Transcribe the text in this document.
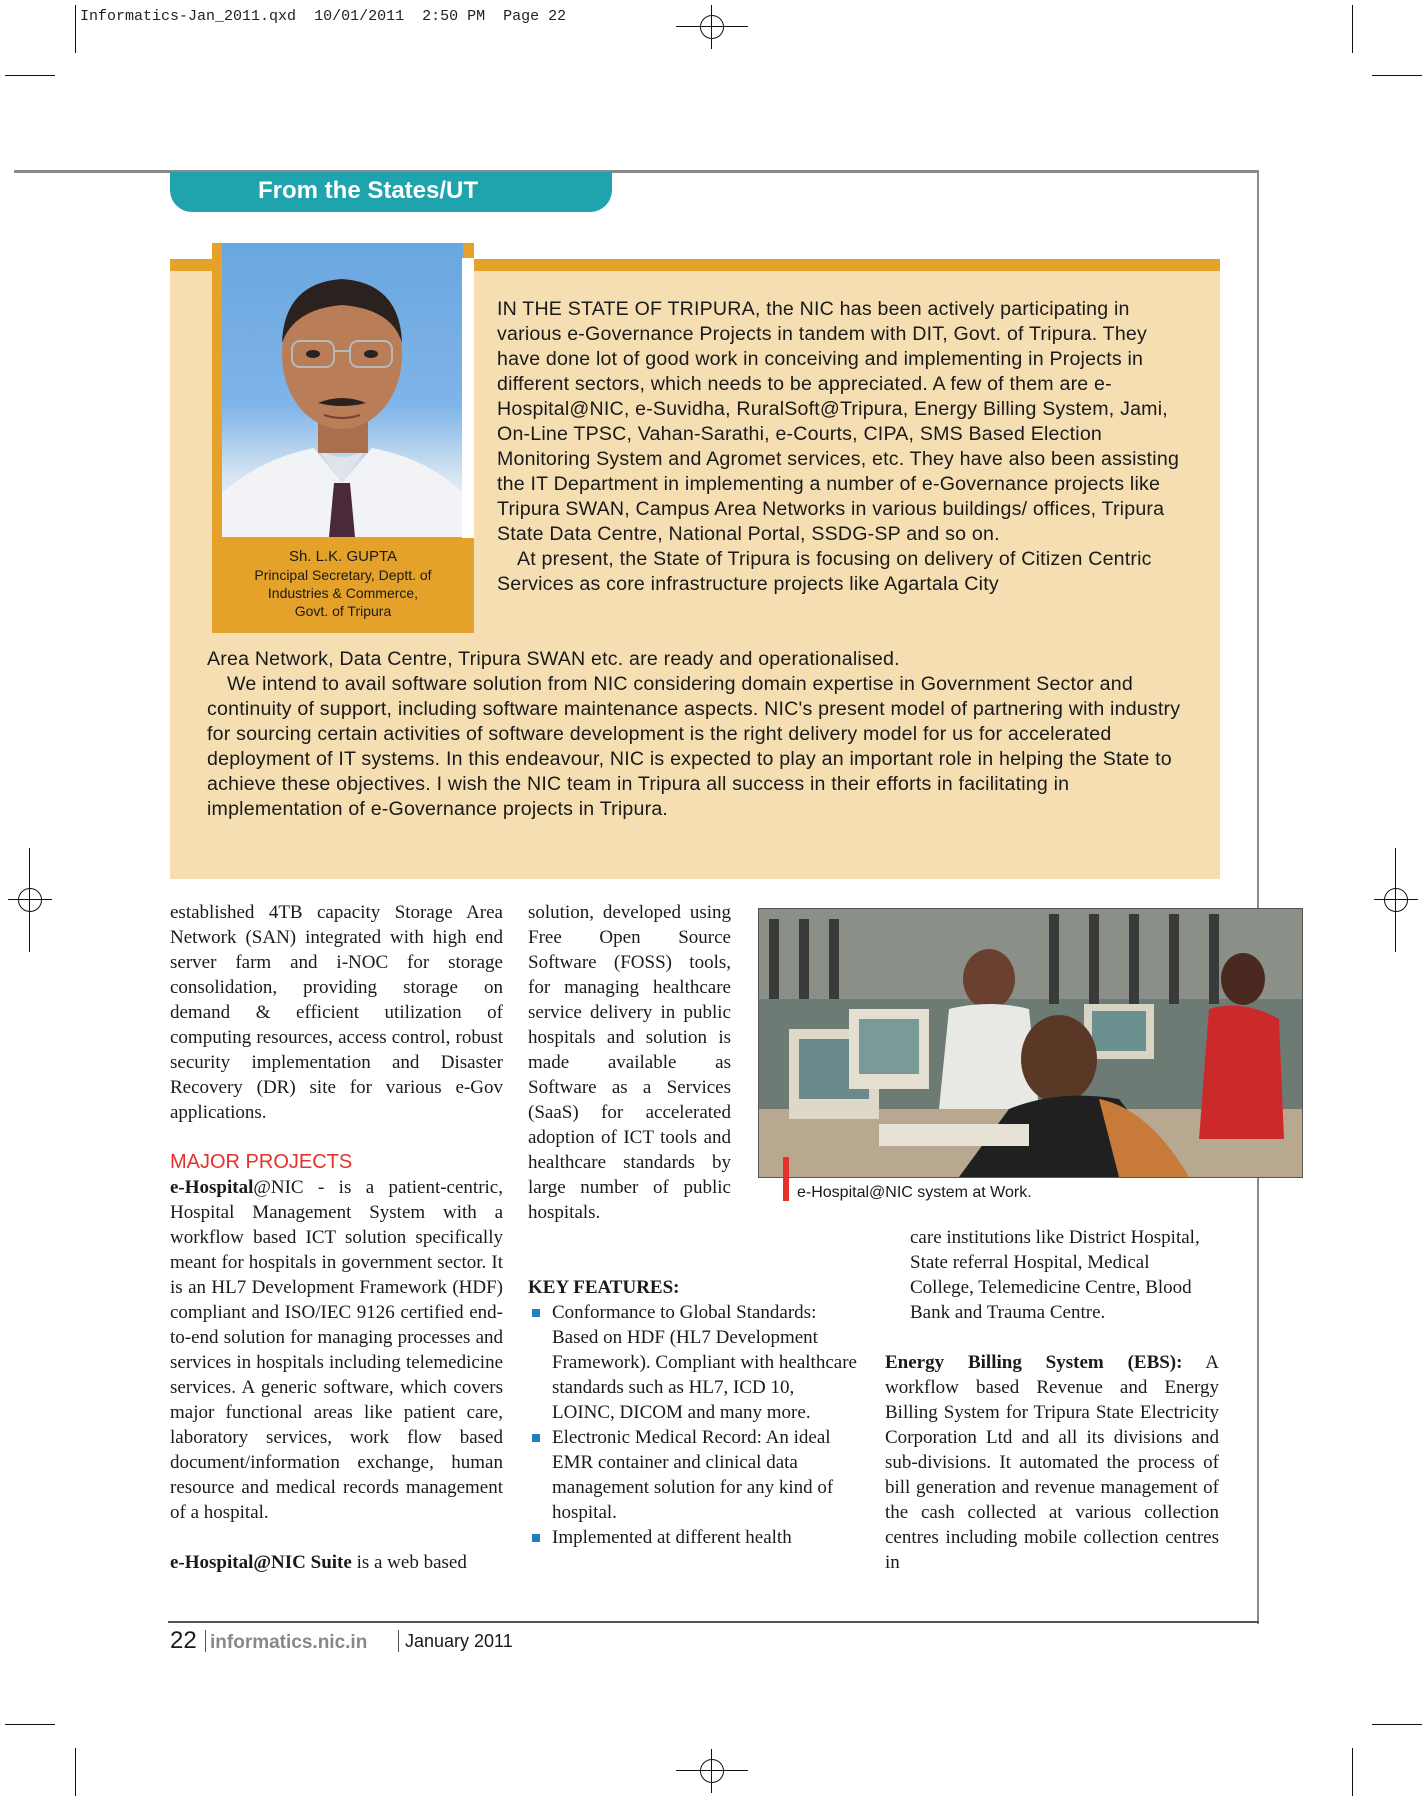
Informatics-Jan_2011.qxd 10/01/2011 2:50 PM Page 22
From the States/UT
Sh. L.K. GUPTA
Principal Secretary, Deptt. of
Industries & Commerce,
Govt. of Tripura

IN THE STATE OF TRIPURA, the NIC has been actively participating in various e-Governance Projects in tandem with DIT, Govt. of Tripura. They have done lot of good work in conceiving and implementing in Projects in different sectors, which needs to be appreciated. A few of them are e-Hospital@NIC, e-Suvidha, RuralSoft@Tripura, Energy Billing System, Jami, On-Line TPSC, Vahan-Sarathi, e-Courts, CIPA, SMS Based Election Monitoring System and Agromet services, etc. They have also been assisting the IT Department in implementing a number of e-Governance projects like Tripura SWAN, Campus Area Networks in various buildings/ offices, Tripura State Data Centre, National Portal, SSDG-SP and so on.

At present, the State of Tripura is focusing on delivery of Citizen Centric Services as core infrastructure projects like Agartala City

Area Network, Data Centre, Tripura SWAN etc. are ready and operationalised.

We intend to avail software solution from NIC considering domain expertise in Government Sector and continuity of support, including software maintenance aspects. NIC's present model of partnering with industry for sourcing certain activities of software development is the right delivery model for us for accelerated deployment of IT systems. In this endeavour, NIC is expected to play an important role in helping the State to achieve these objectives. I wish the NIC team in Tripura all success in their efforts in facilitating in implementation of e-Governance projects in Tripura.

established 4TB capacity Storage Area Network (SAN) integrated with high end server farm and i-NOC for storage consolidation, providing storage on demand & efficient utilization of computing resources, access control, robust security implementation and Disaster Recovery (DR) site for various e-Gov applications.

MAJOR PROJECTS

e-Hospital@NIC - is a patient-centric, Hospital Management System with a workflow based ICT solution specifically meant for hospitals in government sector. It is an HL7 Development Framework (HDF) compliant and ISO/IEC 9126 certified end-to-end solution for managing processes and services in hospitals including telemedicine services. A generic software, which covers major functional areas like patient care, laboratory services, work flow based document/information exchange, human resource and medical records management of a hospital.

e-Hospital@NIC Suite is a web based

solution, developed using Free Open Source Software (FOSS) tools, for managing healthcare service delivery in public hospitals and solution is made available as Software as a Services (SaaS) for accelerated adoption of ICT tools and healthcare standards by large number of public hospitals.

KEY FEATURES:

Conformance to Global Standards: Based on HDF (HL7 Development Framework). Compliant with healthcare standards such as HL7, ICD 10, LOINC, DICOM and many more.
Electronic Medical Record: An ideal EMR container and clinical data management solution for any kind of hospital.
Implemented at different health
e-Hospital@NIC system at Work.

care institutions like District Hospital, State referral Hospital, Medical College, Telemedicine Centre, Blood Bank and Trauma Centre.

Energy Billing System (EBS): A workflow based Revenue and Energy Billing System for Tripura State Electricity Corporation Ltd and all its divisions and sub-divisions. It automated the process of bill generation and revenue management of the cash collected at various collection centres including mobile collection centres in

22 informatics.nic.in January 2011
